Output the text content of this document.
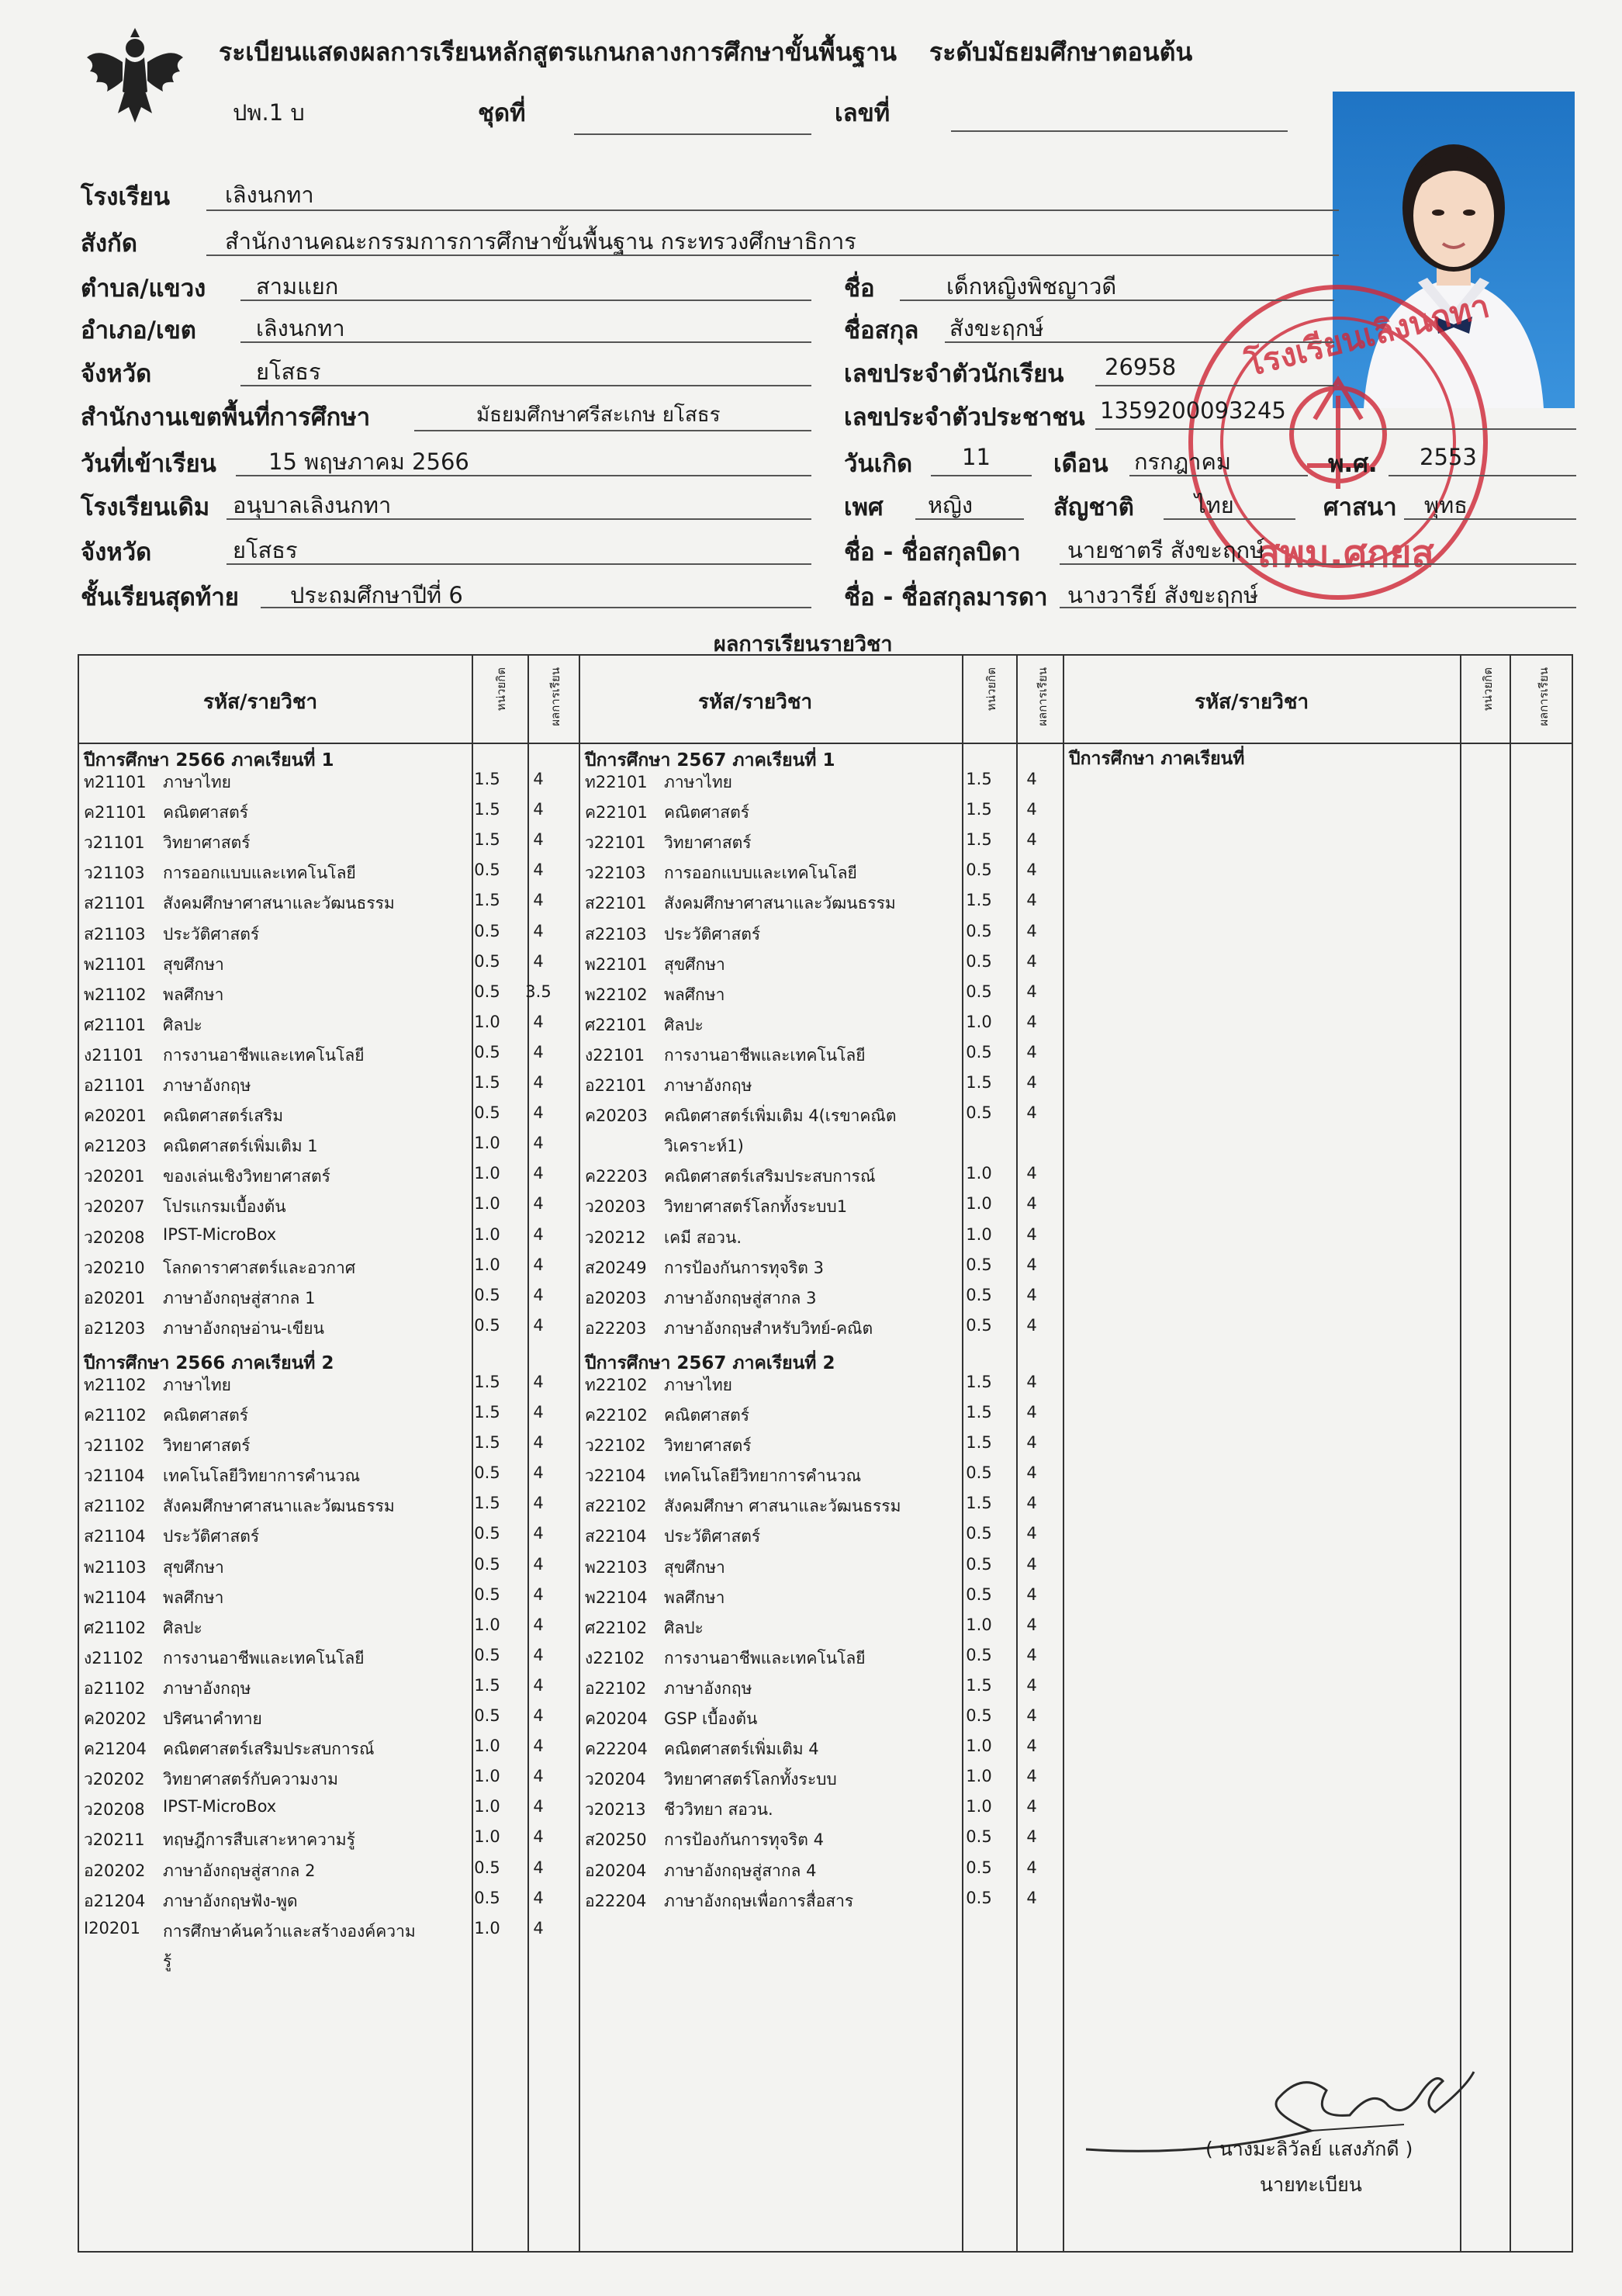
ระเบียนแสดงผลการเรียนหลักสูตรแกนกลางการศึกษาขั้นพื้นฐาน ระดับมัธยมศึกษาตอนต้น
ปพ.1 บ	ชุดที่	เลขที่
โรงเรียนเลิงนกทา
สพม.ศกยส
โรงเรียน เลิงนกทา
สังกัด	สำนักงานคณะกรรมการการศึกษาขั้นพื้นฐาน กระทรวงศึกษาธิการ
ตำบล/แขวง สามแยก
อำเภอ/เขต	เลิงนกทา
จังหวัด	ยโสธร
สำนักงานเขตพื้นที่การศึกษา	มัธยมศึกษาศรีสะเกษ ยโสธร
วันที่เข้าเรียน 15 พฤษภาคม 2566
โรงเรียนเดิม อนุบาลเลิงนกทา
จังหวัด	ยโสธร
ชั้นเรียนสุดท้าย ประถมศึกษาปีที่ 6
ชื่อ	เด็กหญิงพิชญาวดี
ชื่อสกุล สังขะฤกษ์
เลขประจำตัวนักเรียน 26958
เลขประจำตัวประชาชน 1359200093245
วันเกิด 11	เดือน กรกฎาคม	พ.ศ. 2553
เพศ หญิง	สัญชาติ	ไทย	ศาสนา พุทธ
ชื่อ - ชื่อสกุลบิดา นายชาตรี สังขะฤกษ์
ชื่อ - ชื่อสกุลมารดา นางวารีย์ สังขะฤกษ์
ผลการเรียนรายวิชา
รหัส/รายวิชา	หน่วยกิต	ผลการเรียน	รหัส/รายวิชา	หน่วยกิต	ผลการเรียน	รหัส/รายวิชา	หน่วยกิต	ผลการเรียน
ปีการศึกษา ภาคเรียนที่
ปีการศึกษา 2566 ภาคเรียนที่ 1
ท21101 ภาษาไทย	1.5 4
ค21101 คณิตศาสตร์	1.5 4
ว21101 วิทยาศาสตร์	1.5 4
ว21103 การออกแบบและเทคโนโลยี	0.5 4
ส21101 สังคมศึกษาศาสนาและวัฒนธรรม	1.5 4
ส21103 ประวัติศาสตร์	0.5 4
พ21101 สุขศึกษา	0.5 4
พ21102 พลศึกษา	0.5 3.5
ศ21101 ศิลปะ	1.0 4
ง21101 การงานอาชีพและเทคโนโลยี	0.5 4
อ21101 ภาษาอังกฤษ	1.5 4
ค20201 คณิตศาสตร์เสริม	0.5 4
ค21203 คณิตศาสตร์เพิ่มเติม 1	1.0 4
ว20201 ของเล่นเชิงวิทยาศาสตร์	1.0 4
ว20207 โปรแกรมเบื้องต้น	1.0 4
ว20208 IPST-MicroBox	1.0 4
ว20210 โลกดาราศาสตร์และอวกาศ	1.0 4
อ20201 ภาษาอังกฤษสู่สากล 1	0.5 4
อ21203 ภาษาอังกฤษอ่าน-เขียน	0.5 4
ปีการศึกษา 2566 ภาคเรียนที่ 2
ท21102 ภาษาไทย	1.5 4
ค21102 คณิตศาสตร์	1.5 4
ว21102 วิทยาศาสตร์	1.5 4
ว21104 เทคโนโลยีวิทยาการคำนวณ	0.5 4
ส21102 สังคมศึกษาศาสนาและวัฒนธรรม	1.5 4
ส21104 ประวัติศาสตร์	0.5 4
พ21103 สุขศึกษา	0.5 4
พ21104 พลศึกษา	0.5 4
ศ21102 ศิลปะ	1.0 4
ง21102 การงานอาชีพและเทคโนโลยี	0.5 4
อ21102 ภาษาอังกฤษ	1.5 4
ค20202 ปริศนาคำทาย	0.5 4
ค21204 คณิตศาสตร์เสริมประสบการณ์	1.0 4
ว20202 วิทยาศาสตร์กับความงาม	1.0 4
ว20208 IPST-MicroBox	1.0 4
ว20211 ทฤษฎีการสืบเสาะหาความรู้	1.0 4
อ20202 ภาษาอังกฤษสู่สากล 2	0.5 4
อ21204 ภาษาอังกฤษฟัง-พูด	0.5 4
I20201 การศึกษาค้นคว้าและสร้างองค์ความ	1.0 4
รู้
ปีการศึกษา 2567 ภาคเรียนที่ 1
ท22101 ภาษาไทย	1.5 4
ค22101 คณิตศาสตร์	1.5 4
ว22101 วิทยาศาสตร์	1.5 4
ว22103 การออกแบบและเทคโนโลยี	0.5 4
ส22101 สังคมศึกษาศาสนาและวัฒนธรรม	1.5 4
ส22103 ประวัติศาสตร์	0.5 4
พ22101 สุขศึกษา	0.5 4
พ22102 พลศึกษา	0.5 4
ศ22101 ศิลปะ	1.0 4
ง22101 การงานอาชีพและเทคโนโลยี	0.5 4
อ22101 ภาษาอังกฤษ	1.5 4
ค20203 คณิตศาสตร์เพิ่มเติม 4(เรขาคณิต	0.5 4
วิเคราะห์1)
ค22203 คณิตศาสตร์เสริมประสบการณ์	1.0 4
ว20203 วิทยาศาสตร์โลกทั้งระบบ1	1.0 4
ว20212 เคมี สอวน.	1.0 4
ส20249 การป้องกันการทุจริต 3	0.5 4
อ20203 ภาษาอังกฤษสู่สากล 3	0.5 4
อ22203 ภาษาอังกฤษสำหรับวิทย์-คณิต	0.5 4
ปีการศึกษา 2567 ภาคเรียนที่ 2
ท22102 ภาษาไทย	1.5 4
ค22102 คณิตศาสตร์	1.5 4
ว22102 วิทยาศาสตร์	1.5 4
ว22104 เทคโนโลยีวิทยาการคำนวณ	0.5 4
ส22102 สังคมศึกษา ศาสนาและวัฒนธรรม	1.5 4
ส22104 ประวัติศาสตร์	0.5 4
พ22103 สุขศึกษา	0.5 4
พ22104 พลศึกษา	0.5 4
ศ22102 ศิลปะ	1.0 4
ง22102 การงานอาชีพและเทคโนโลยี	0.5 4
อ22102 ภาษาอังกฤษ	1.5 4
ค20204 GSP เบื้องต้น	0.5 4
ค22204 คณิตศาสตร์เพิ่มเติม 4	1.0 4
ว20204 วิทยาศาสตร์โลกทั้งระบบ	1.0 4
ว20213 ชีววิทยา สอวน.	1.0 4
ส20250 การป้องกันการทุจริต 4	0.5 4
อ20204 ภาษาอังกฤษสู่สากล 4	0.5 4
อ22204 ภาษาอังกฤษเพื่อการสื่อสาร	0.5 4
( นางมะลิวัลย์ แสงภักดี )
นายทะเบียน
